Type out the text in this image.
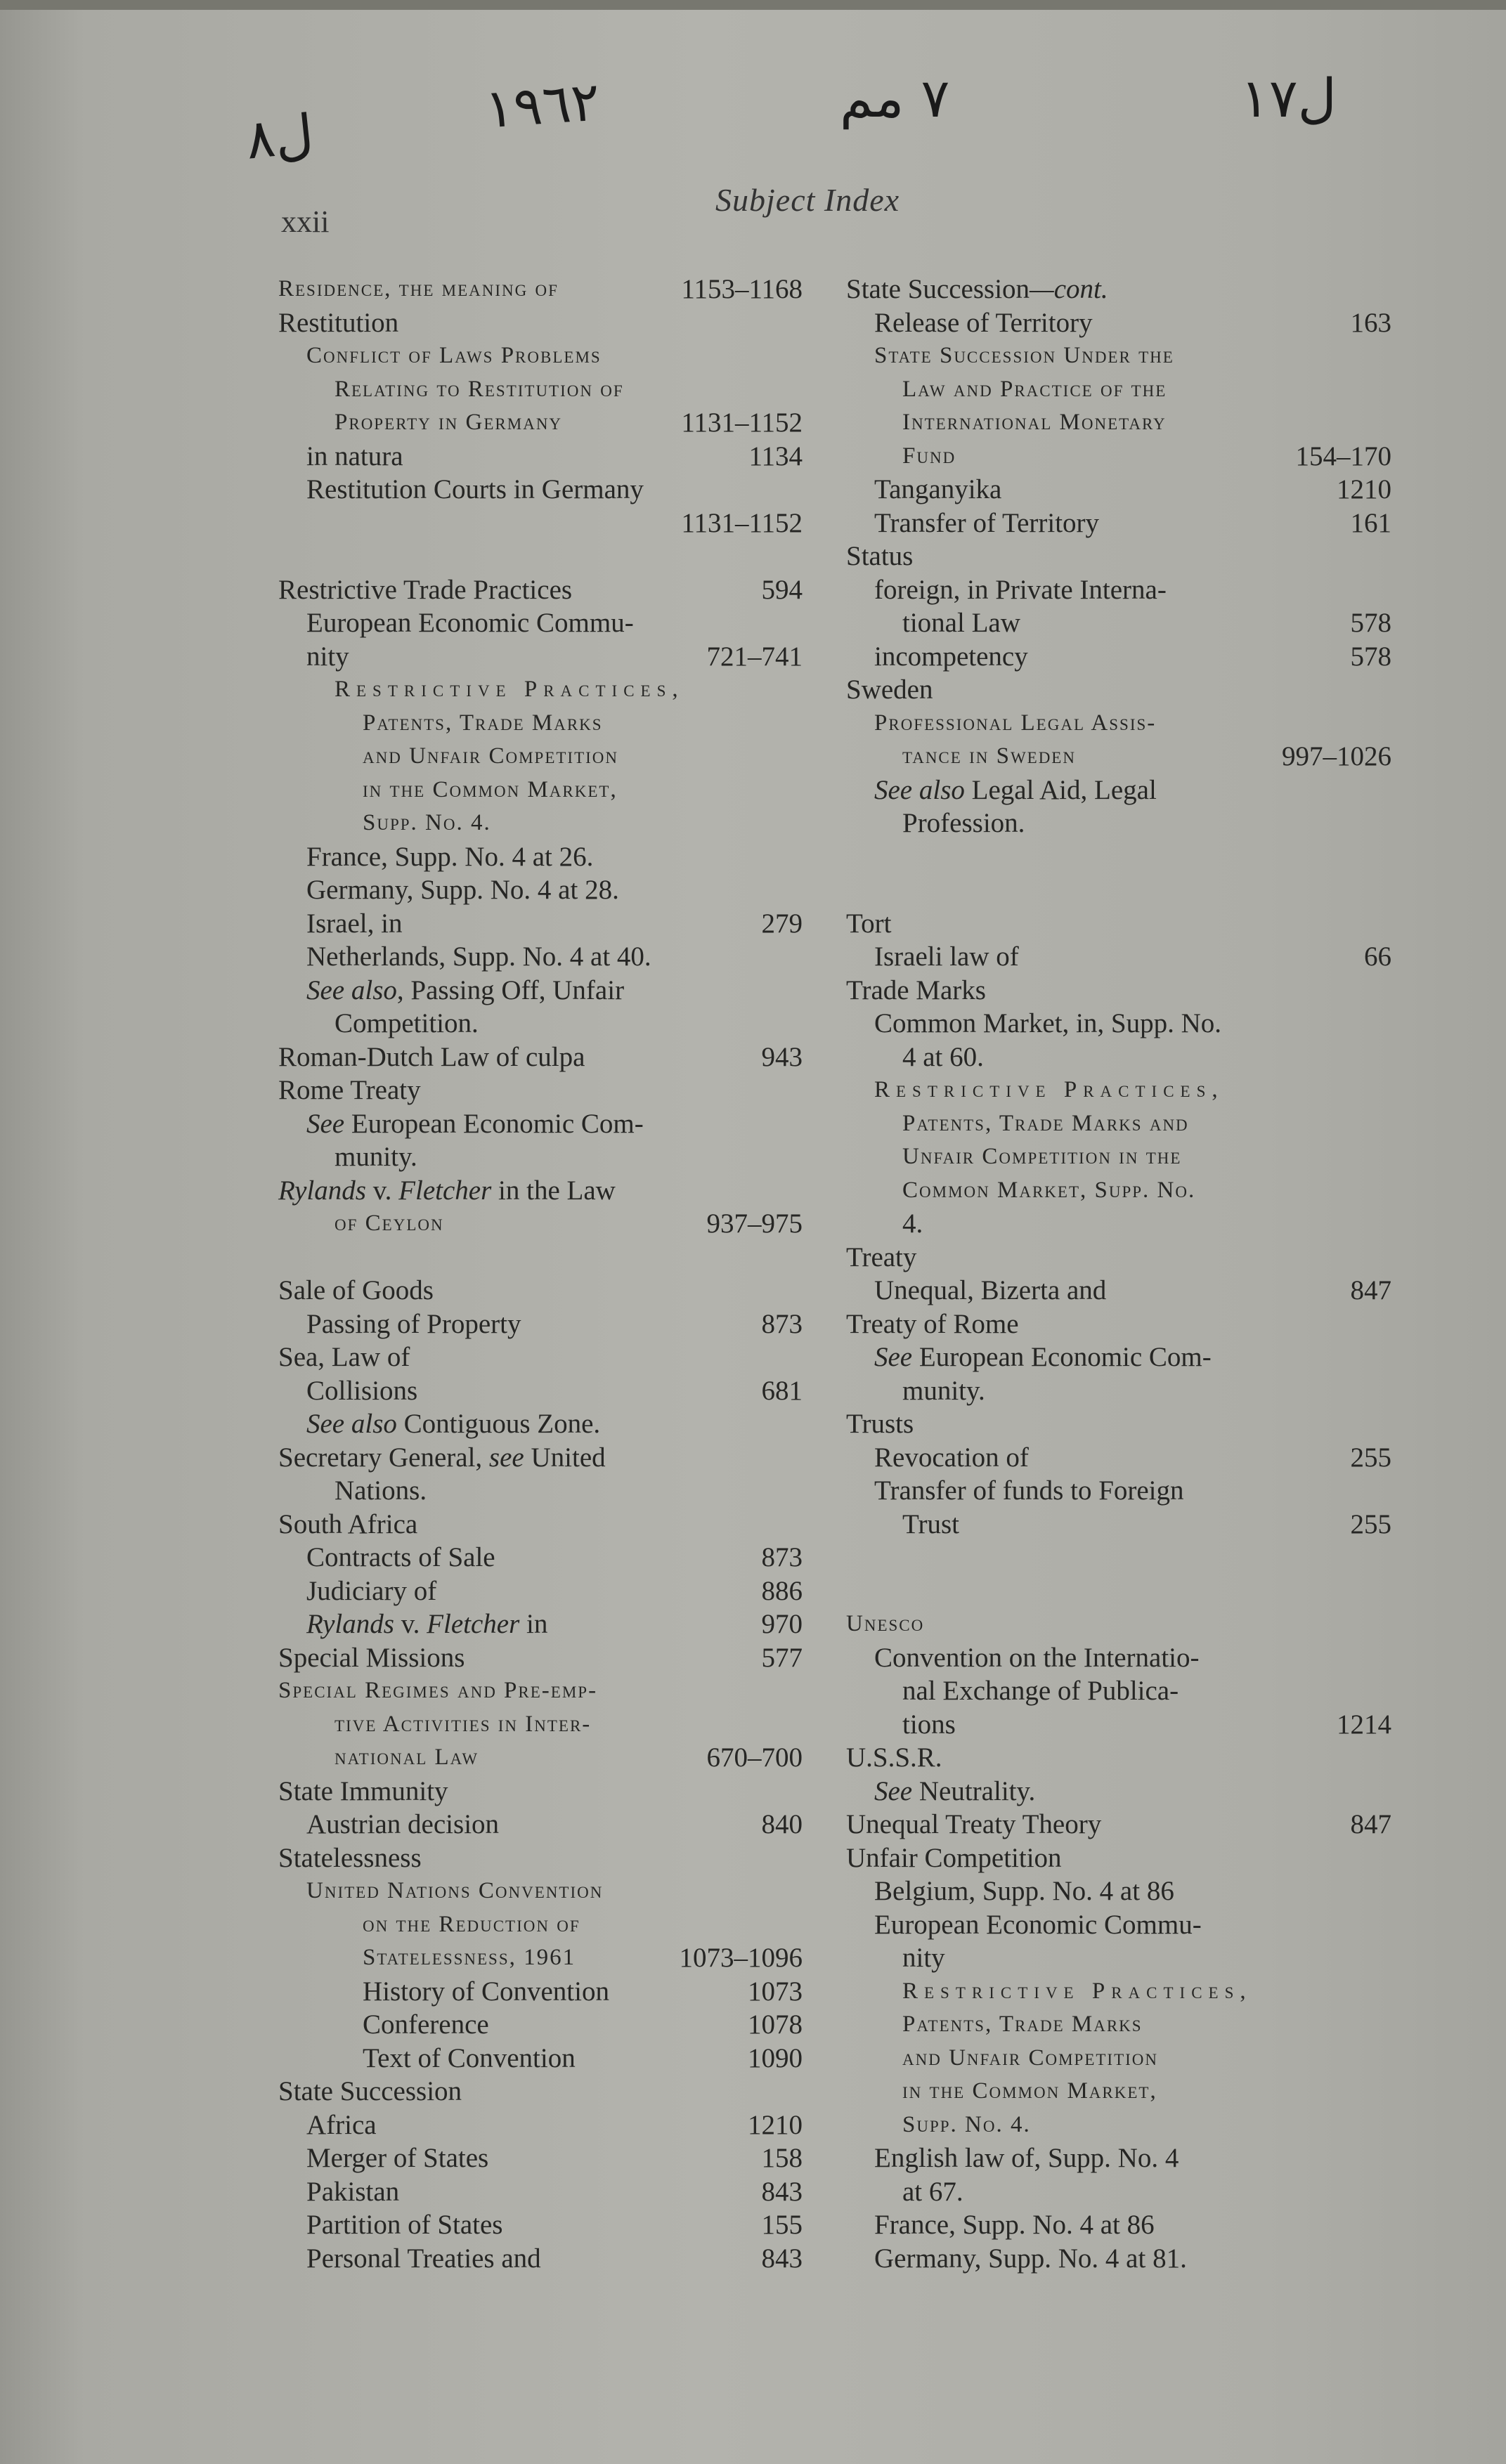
ل٨	١٩٦٢	٧ مم	ل١٧
xxii
Subject Index
Residence, the meaning of	1153–1168
Restitution
Conflict of Laws Problems
Relating to Restitution of
Property in Germany	1131–1152
in natura	1134
Restitution Courts in Germany
1131–1152
Restrictive Trade Practices	594
European Economic Commu-
nity	721–741
Restrictive Practices,
Patents, Trade Marks
and Unfair Competition
in the Common Market,
Supp. No. 4.
France, Supp. No. 4 at 26.
Germany, Supp. No. 4 at 28.
Israel, in	279
Netherlands, Supp. No. 4 at 40.
See also, Passing Off, Unfair
Competition.
Roman-Dutch Law of culpa	943
Rome Treaty
See European Economic Com-
munity.
Rylands v. Fletcher in the Law
of Ceylon	937–975
Sale of Goods
Passing of Property	873
Sea, Law of
Collisions	681
See also Contiguous Zone.
Secretary General, see United
Nations.
South Africa
Contracts of Sale	873
Judiciary of	886
Rylands v. Fletcher in	970
Special Missions	577
Special Regimes and Pre-emp-
tive Activities in Inter-
national Law	670–700
State Immunity
Austrian decision	840
Statelessness
United Nations Convention
on the Reduction of
Statelessness, 1961	1073–1096
History of Convention	1073
Conference	1078
Text of Convention	1090
State Succession
Africa	1210
Merger of States	158
Pakistan	843
Partition of States	155
Personal Treaties and	843
State Succession—cont.
Release of Territory	163
State Succession Under the
Law and Practice of the
International Monetary
Fund	154–170
Tanganyika	1210
Transfer of Territory	161
Status
foreign, in Private Interna-
tional Law	578
incompetency	578
Sweden
Professional Legal Assis-
tance in Sweden	997–1026
See also Legal Aid, Legal
Profession.
Tort
Israeli law of	66
Trade Marks
Common Market, in, Supp. No.
4 at 60.
Restrictive Practices,
Patents, Trade Marks and
Unfair Competition in the
Common Market, Supp. No.
4.
Treaty
Unequal, Bizerta and	847
Treaty of Rome
See European Economic Com-
munity.
Trusts
Revocation of	255
Transfer of funds to Foreign
Trust	255
Unesco
Convention on the Internatio-
nal Exchange of Publica-
tions	1214
U.S.S.R.
See Neutrality.
Unequal Treaty Theory	847
Unfair Competition
Belgium, Supp. No. 4 at 86
European Economic Commu-
nity
Restrictive Practices,
Patents, Trade Marks
and Unfair Competition
in the Common Market,
Supp. No. 4.
English law of, Supp. No. 4
at 67.
France, Supp. No. 4 at 86
Germany, Supp. No. 4 at 81.
